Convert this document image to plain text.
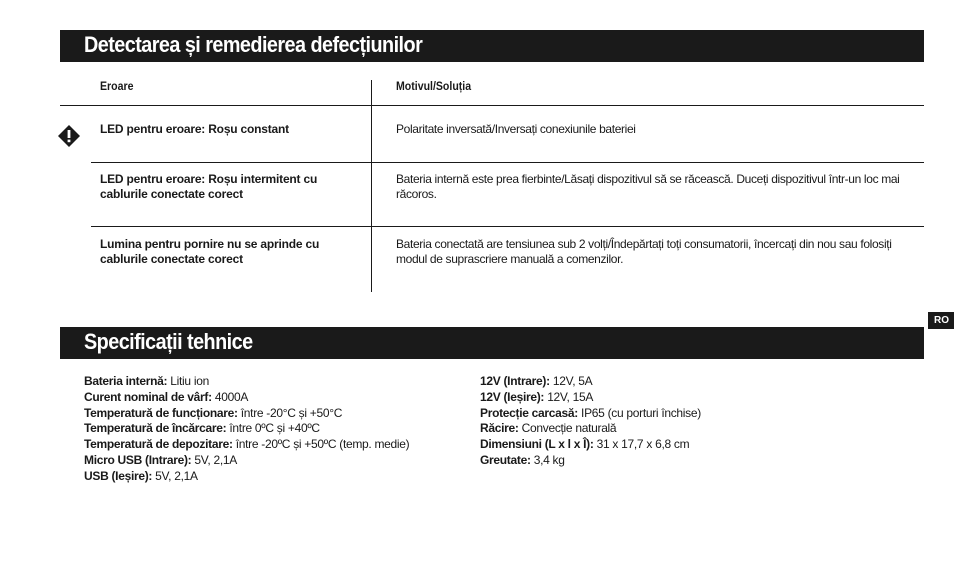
Detectarea și remedierea defecțiunilor
Eroare	Motivul/Soluția
LED pentru eroare: Roșu constant	Polaritate inversată/Inversați conexiunile bateriei
LED pentru eroare: Roșu intermitent cu cablurile conectate corect
Bateria internă este prea fierbinte/Lăsați dispozitivul să se răcească. Duceți dispozitivul într-un loc mai răcoros.
Lumina pentru pornire nu se aprinde cu cablurile conectate corect
Bateria conectată are tensiunea sub 2 volți/Îndepărtați toți consumatorii, încercați din nou sau folosiți modul de suprascriere manuală a comenzilor.
RO
Specificații tehnice
Bateria internă: Litiu ion
Curent nominal de vârf: 4000A
Temperatură de funcționare: între -20°C și +50°C
Temperatură de încărcare: între 0ºC și +40ºC
Temperatură de depozitare: între -20ºC și +50ºC (temp. medie)
Micro USB (Intrare): 5V, 2,1A
USB (Ieșire): 5V, 2,1A
12V (Intrare): 12V, 5A
12V (Ieșire): 12V, 15A
Protecție carcasă: IP65 (cu porturi închise)
Răcire: Convecție naturală
Dimensiuni (L x l x Î): 31 x 17,7 x 6,8 cm
Greutate: 3,4 kg
